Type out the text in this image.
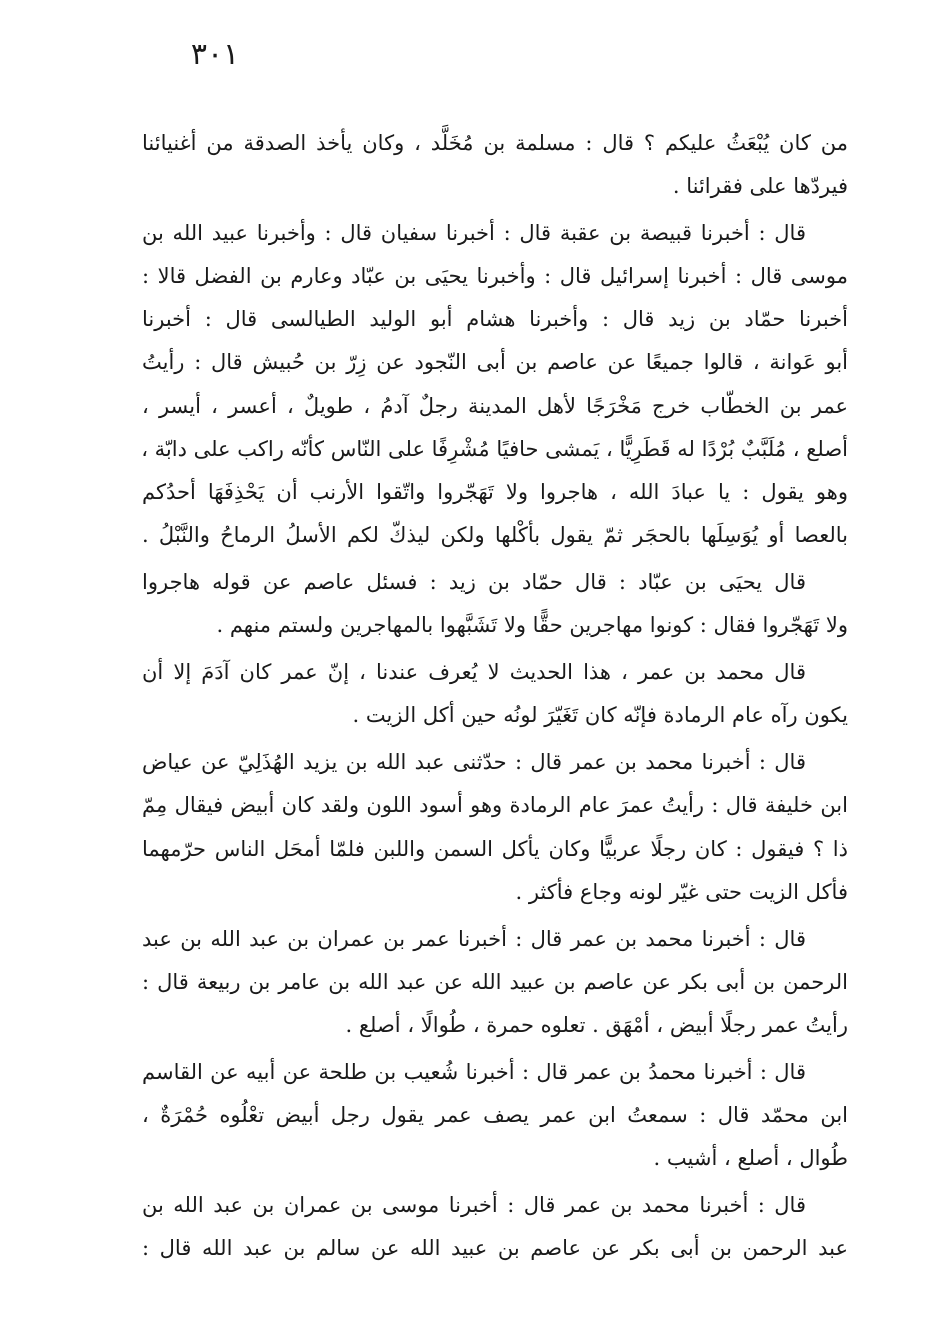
٣٠١
من كان يُبْعَثُ عليكم ؟ قال : مسلمة بن مُخَلَّد ، وكان يأخذ الصدقة من أغنيائنا
فيردّها على فقرائنا .
قال : أخبرنا قبيصة بن عقبة قال : أخبرنا سفيان قال : وأخبرنا عبيد الله بن
موسى قال : أخبرنا إسرائيل قال : وأخبرنا يحيَى بن عبّاد وعارم بن الفضل قالا :
أخبرنا حمّاد بن زيد قال : وأخبرنا هشام أبو الوليد الطيالسى قال : أخبرنا
أبو عَوانة ، قالوا جميعًا عن عاصم بن أبى النّجود عن زِرّ بن حُبيش قال : رأيتُ
عمر بن الخطّاب خرج مَخْرَجًا لأهل المدينة رجلٌ آدمُ ، طويلٌ ، أعسر ، أيسر ،
أصلع ، مُلَبَّبٌ بُرْدًا له قَطَرِيًّا ، يَمشى حافيًا مُشْرِفًا على النّاس كأنّه راكب على دابّة ،
وهو يقول : يا عبادَ الله ، هاجروا ولا تَهَجّروا واتّقوا الأرنب أن يَحْذِفَهَا أحدُكم
بالعصا أو يُوَسِلَها بالحجَر ثمّ يقول بأكْلها ولكن ليذكّ لكم الأسلُ الرماحُ والنَّبْلُ .
قال يحيَى بن عبّاد : قال حمّاد بن زيد : فسئل عاصم عن قوله هاجروا
ولا تَهَجّروا فقال : كونوا مهاجرين حقًّا ولا تَشَبَّهوا بالمهاجرين ولستم منهم .
قال محمد بن عمر ، هذا الحديث لا يُعرف عندنا ، إنّ عمر كان آدَمَ إلا أن
يكون رآه عام الرمادة فإنّه كان تَغَيّرَ لونُه حين أكل الزيت .
قال : أخبرنا محمد بن عمر قال : حدّثنى عبد الله بن يزيد الهُذَلِيّ عن عياض
ابن خليفة قال : رأيتُ عمرَ عام الرمادة وهو أسود اللون ولقد كان أبيض فيقال مِمّ
ذا ؟ فيقول : كان رجلًا عربيًّا وكان يأكل السمن واللبن فلمّا أمحَل الناس حرّمهما
فأكل الزيت حتى غيّر لونه وجاع فأكثر .
قال : أخبرنا محمد بن عمر قال : أخبرنا عمر بن عمران بن عبد الله بن عبد
الرحمن بن أبى بكر عن عاصم بن عبيد الله عن عبد الله بن عامر بن ربيعة قال :
رأيتُ عمر رجلًا أبيض ، أمْهَق . تعلوه حمرة ، طُوالًا ، أصلع .
قال : أخبرنا محمدُ بن عمر قال : أخبرنا شُعيب بن طلحة عن أبيه عن القاسم
ابن محمّد قال : سمعتُ ابن عمر يصف عمر يقول رجل أبيض تعْلُوه حُمْرَةٌ ،
طُوال ، أصلع ، أشيب .
قال : أخبرنا محمد بن عمر قال : أخبرنا موسى بن عمران بن عبد الله بن
عبد الرحمن بن أبى بكر عن عاصم بن عبيد الله عن سالم بن عبد الله قال :
